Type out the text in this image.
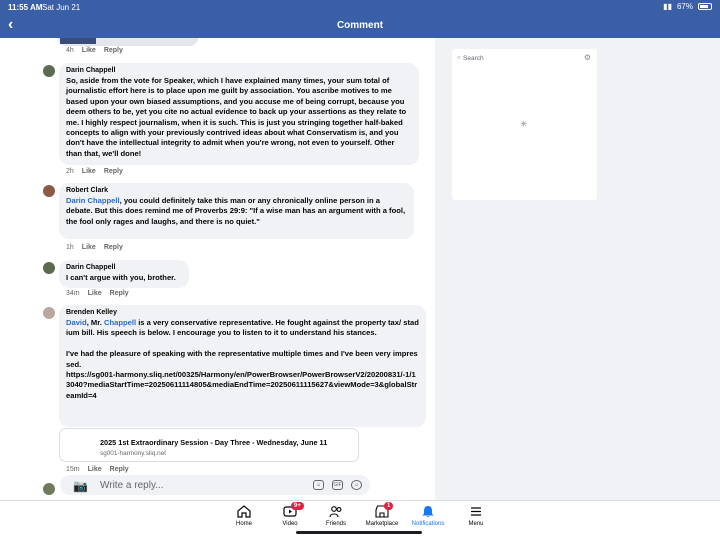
11:55 AM Sat Jun 21	▮▮ 67%
‹	Comment
4h Like Reply
Darin Chappell
So, aside from the vote for Speaker, which I have explained many times, your sum total of journalistic effort here is to place upon me guilt by association. You ascribe motives to me based upon your own biased assumptions, and you accuse me of being corrupt, because you deem others to be, yet you cite no actual evidence to back up your assertions as they relate to me. I highly respect journalism, when it is such. This is just you stringing together half-baked concepts to align with your previously contrived ideas about what Conservatism is, and you don't have the intellectual integrity to admit when you're wrong, not even to yourself. Other than that, we'll done!
2h Like Reply
Robert Clark
Darin Chappell, you could definitely take this man or any chronically online person in a debate. But this does remind me of Proverbs 29:9: "If a wise man has an argument with a fool, the fool only rages and laughs, and there is no quiet."
1h Like Reply
Darin Chappell
I can't argue with you, brother.
34m Like Reply
Brenden Kelley
David, Mr. Chappell is a very conservative representative. He fought against the property tax/ stadium bill. His speech is below. I encourage you to listen to it to understand his stances.

I've had the pleasure of speaking with the representative multiple times and I've been very impressed.
https://sg001-harmony.sliq.net/00325/Harmony/en/PowerBrowser/PowerBrowserV2/20200831/-1/13040?mediaStartTime=20250611114805&mediaEndTime=20250611115627&viewMode=3&globalStreamId=4
2025 1st Extraordinary Session - Day Three - Wednesday, June 11
sg001-harmony.sliq.net
15m Like Reply
Write a reply...
📷	☺	GIF	☺
○ Search	⚙
✳
Home
9+
Video	Friends
1
Marketplace	Notifications	Menu
